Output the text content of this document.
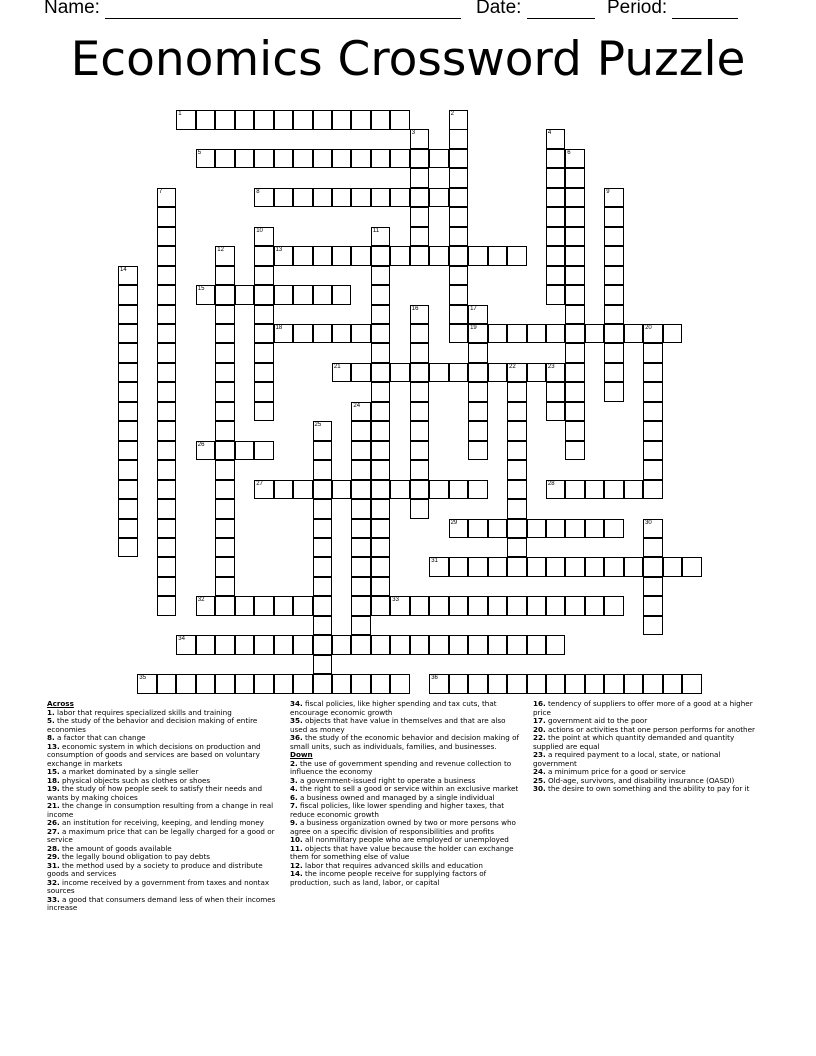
Name:	Date:	Period:
Economics Crossword Puzzle
1
5
8
13
15
18	19	20
21	22	23
26
27	28
29
31
32	33
34
35	36
2
3	4
6
7	9
10	11
12
14
16	17
24
25
30
Across
1. labor that requires specialized skills and training
5. the study of the behavior and decision making of entire economies
8. a factor that can change
13. economic system in which decisions on production and consumption of goods and services are based on voluntary exchange in markets
15. a market dominated by a single seller
18. physical objects such as clothes or shoes
19. the study of how people seek to satisfy their needs and wants by making choices
21. the change in consumption resulting from a change in real income
26. an institution for receiving, keeping, and lending money
27. a maximum price that can be legally charged for a good or service
28. the amount of goods available
29. the legally bound obligation to pay debts
31. the method used by a society to produce and distribute goods and services
32. income received by a government from taxes and nontax sources
33. a good that consumers demand less of when their incomes increase
34. fiscal policies, like higher spending and tax cuts, that encourage economic growth
35. objects that have value in themselves and that are also used as money
36. the study of the economic behavior and decision making of small units, such as individuals, families, and businesses.
Down
2. the use of government spending and revenue collection to influence the economy
3. a government-issued right to operate a business
4. the right to sell a good or service within an exclusive market
6. a business owned and managed by a single individual
7. fiscal policies, like lower spending and higher taxes, that reduce economic growth
9. a business organization owned by two or more persons who agree on a specific division of responsibilities and profits
10. all nonmilitary people who are employed or unemployed
11. objects that have value because the holder can exchange them for something else of value
12. labor that requires advanced skills and education
14. the income people receive for supplying factors of production, such as land, labor, or capital
16. tendency of suppliers to offer more of a good at a higher price
17. government aid to the poor
20. actions or activities that one person performs for another
22. the point at which quantity demanded and quantity supplied are equal
23. a required payment to a local, state, or national government
24. a minimum price for a good or service
25. Old-age, survivors, and disability insurance (OASDI)
30. the desire to own something and the ability to pay for it
